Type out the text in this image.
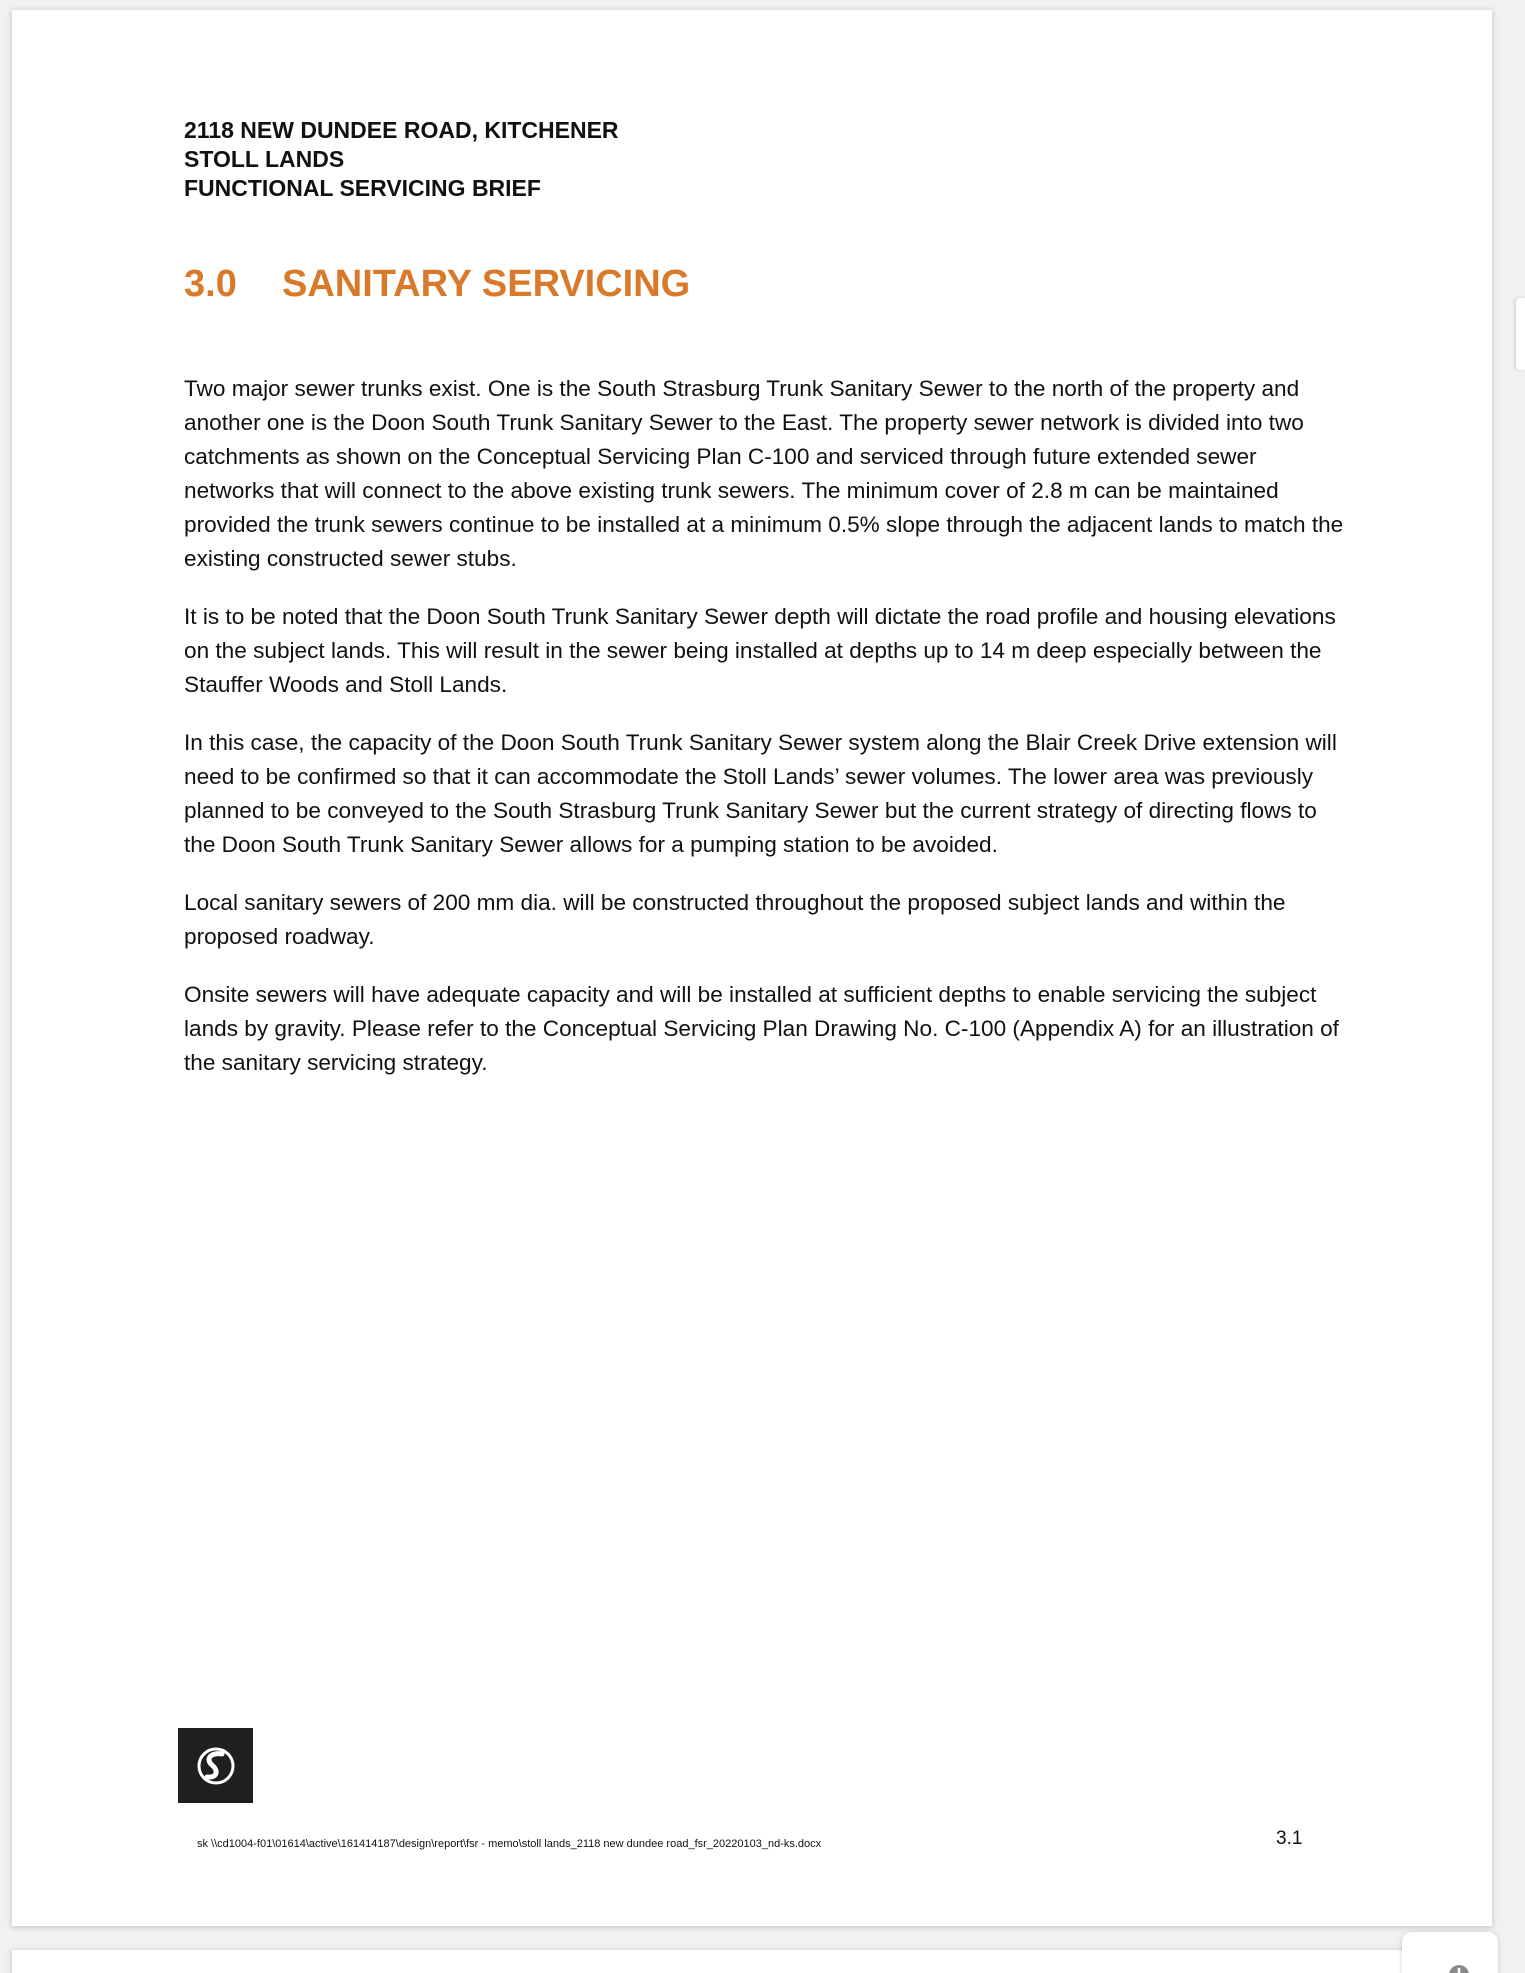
2118 NEW DUNDEE ROAD, KITCHENER
STOLL LANDS
FUNCTIONAL SERVICING BRIEF
3.0 SANITARY SERVICING

Two major sewer trunks exist. One is the South Strasburg Trunk Sanitary Sewer to the north of the property and another one is the Doon South Trunk Sanitary Sewer to the East. The property sewer network is divided into two catchments as shown on the Conceptual Servicing Plan C-100 and serviced through future extended sewer networks that will connect to the above existing trunk sewers. The minimum cover of 2.8 m can be maintained provided the trunk sewers continue to be installed at a minimum 0.5% slope through the adjacent lands to match the existing constructed sewer stubs.

It is to be noted that the Doon South Trunk Sanitary Sewer depth will dictate the road profile and housing elevations on the subject lands. This will result in the sewer being installed at depths up to 14 m deep especially between the Stauffer Woods and Stoll Lands.

In this case, the capacity of the Doon South Trunk Sanitary Sewer system along the Blair Creek Drive extension will need to be confirmed so that it can accommodate the Stoll Lands’ sewer volumes. The lower area was previously planned to be conveyed to the South Strasburg Trunk Sanitary Sewer but the current strategy of directing flows to the Doon South Trunk Sanitary Sewer allows for a pumping station to be avoided.

Local sanitary sewers of 200 mm dia. will be constructed throughout the proposed subject lands and within the proposed roadway.

Onsite sewers will have adequate capacity and will be installed at sufficient depths to enable servicing the subject lands by gravity. Please refer to the Conceptual Servicing Plan Drawing No. C-100 (Appendix A) for an illustration of the sanitary servicing strategy.

sk \\cd1004-f01\01614\active\161414187\design\report\fsr - memo\stoll lands_2118 new dundee road_fsr_20220103_nd-ks.docx	3.1
